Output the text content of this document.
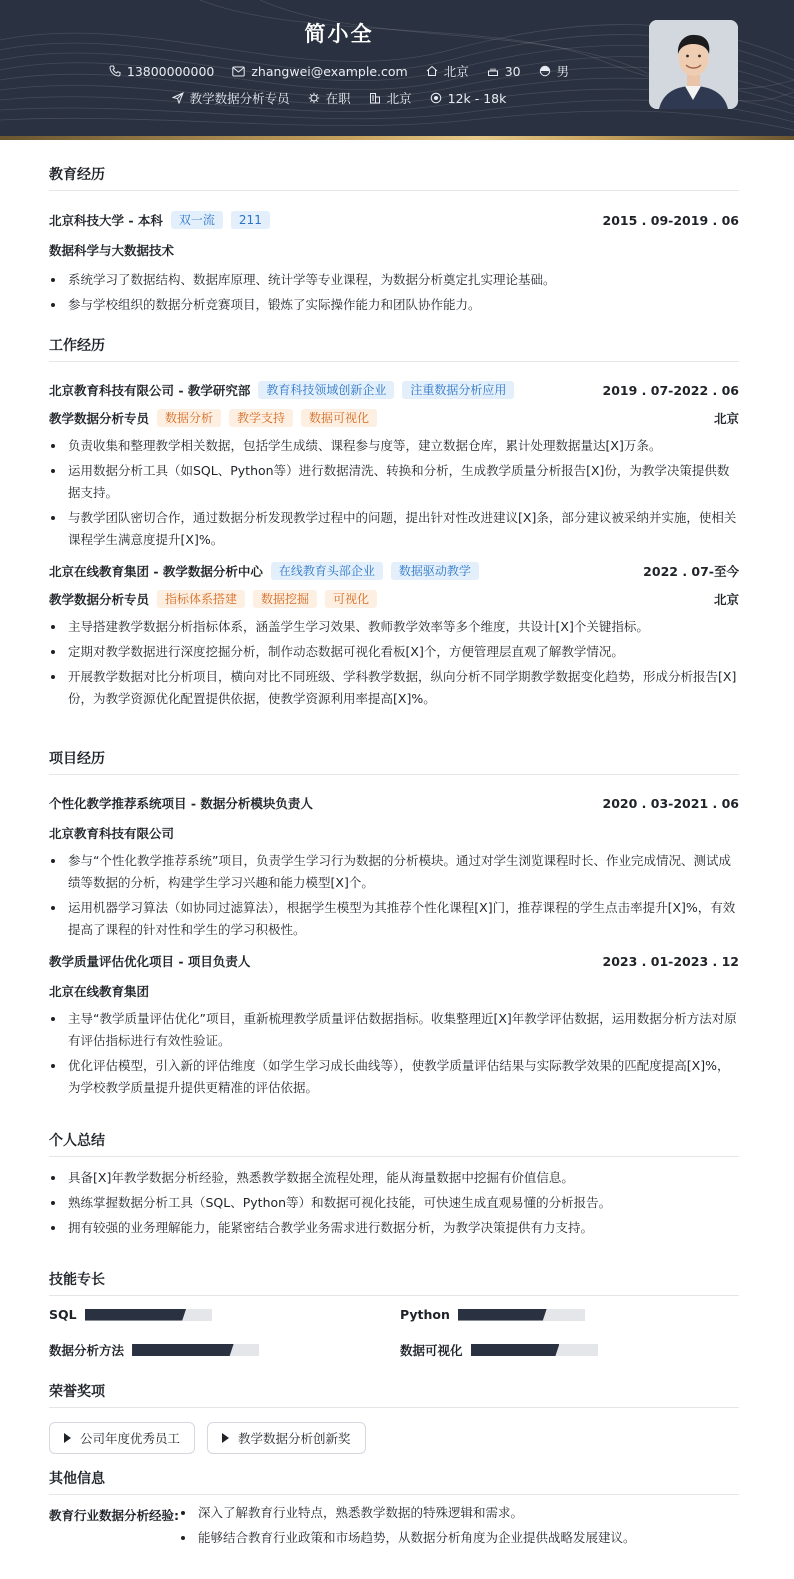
简小全
13800000000
	zhangwei@example.com
	北京
	30
	男
教学数据分析专员
	在职
	北京
	12k - 18k
教育经历
北京科技大学 - 本科	双一流	211	2015 . 09-2019 . 06
数据科学与大数据技术
系统学习了数据结构、数据库原理、统计学等专业课程，为数据分析奠定扎实理论基础。
参与学校组织的数据分析竞赛项目，锻炼了实际操作能力和团队协作能力。
工作经历
北京教育科技有限公司 - 教学研究部	教育科技领域创新企业	注重数据分析应用	2019 . 07-2022 . 06
教学数据分析专员	数据分析	教学支持	数据可视化	北京
负责收集和整理教学相关数据，包括学生成绩、课程参与度等，建立数据仓库，累计处理数据量达[X]万条。
运用数据分析工具（如SQL、Python等）进行数据清洗、转换和分析，生成教学质量分析报告[X]份，为教学决策提供数据支持。
与教学团队密切合作，通过数据分析发现教学过程中的问题，提出针对性改进建议[X]条，部分建议被采纳并实施，使相关课程学生满意度提升[X]%。
北京在线教育集团 - 教学数据分析中心	在线教育头部企业	数据驱动教学	2022 . 07-至今
教学数据分析专员	指标体系搭建	数据挖掘	可视化	北京
主导搭建教学数据分析指标体系，涵盖学生学习效果、教师教学效率等多个维度，共设计[X]个关键指标。
定期对教学数据进行深度挖掘分析，制作动态数据可视化看板[X]个，方便管理层直观了解教学情况。
开展教学数据对比分析项目，横向对比不同班级、学科教学数据，纵向分析不同学期教学数据变化趋势，形成分析报告[X]份，为教学资源优化配置提供依据，使教学资源利用率提高[X]%。
项目经历
个性化教学推荐系统项目 - 数据分析模块负责人	2020 . 03-2021 . 06
北京教育科技有限公司
参与“个性化教学推荐系统”项目，负责学生学习行为数据的分析模块。通过对学生浏览课程时长、作业完成情况、测试成绩等数据的分析，构建学生学习兴趣和能力模型[X]个。
运用机器学习算法（如协同过滤算法），根据学生模型为其推荐个性化课程[X]门，推荐课程的学生点击率提升[X]%，有效提高了课程的针对性和学生的学习积极性。
教学质量评估优化项目 - 项目负责人	2023 . 01-2023 . 12
北京在线教育集团
主导“教学质量评估优化”项目，重新梳理教学质量评估数据指标。收集整理近[X]年教学评估数据，运用数据分析方法对原有评估指标进行有效性验证。
优化评估模型，引入新的评估维度（如学生学习成长曲线等），使教学质量评估结果与实际教学效果的匹配度提高[X]%，为学校教学质量提升提供更精准的评估依据。
个人总结
具备[X]年教学数据分析经验，熟悉教学数据全流程处理，能从海量数据中挖掘有价值信息。
熟练掌握数据分析工具（SQL、Python等）和数据可视化技能，可快速生成直观易懂的分析报告。
拥有较强的业务理解能力，能紧密结合教学业务需求进行数据分析，为教学决策提供有力支持。
技能专长
SQL	Python
数据分析方法	数据可视化
荣誉奖项
公司年度优秀员工
	教学数据分析创新奖
其他信息
教育行业数据分析经验:	深入了解教育行业特点，熟悉教学数据的特殊逻辑和需求。
能够结合教育行业政策和市场趋势，从数据分析角度为企业提供战略发展建议。
